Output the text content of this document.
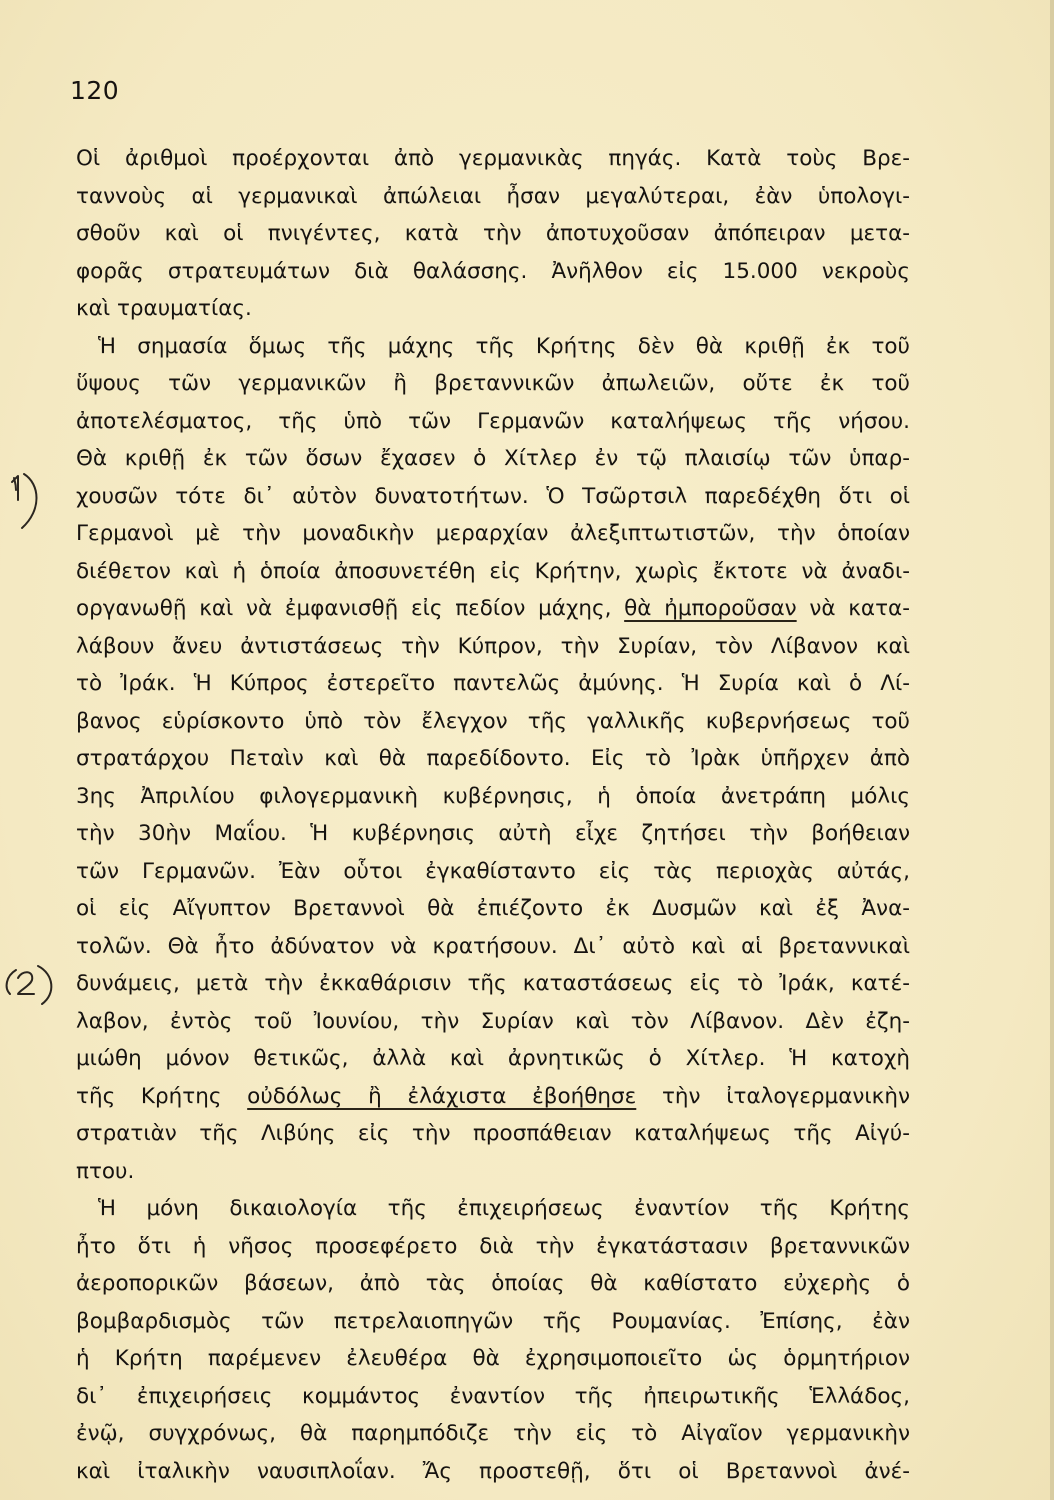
120
Οἱ ἀριθμοὶ προέρχονται ἀπὸ γερμανικὰς πηγάς. Κατὰ τοὺς Βρε-
τανvοὺς αἱ γερμανικαὶ ἀπώλειαι ἦσαν μεγαλύτεραι, ἐὰν ὑπολογι-
σθοῦν καὶ οἱ πνιγέντες, κατὰ τὴν ἀποτυχοῦσαν ἀπόπειραν μετα-
φορᾶς στρατευμάτων διὰ θαλάσσης. Ἀνῆλθον εἰς 15.000 νεκροὺς
καὶ τραυματίας.
Ἡ σημασία ὅμως τῆς μάχης τῆς Κρήτης δὲν θὰ κριθῇ ἐκ τοῦ
ὕψους τῶν γερμανικῶν ἢ βρεταννικῶν ἀπωλειῶν, οὔτε ἐκ τοῦ
ἀποτελέσματος, τῆς ὑπὸ τῶν Γερμανῶν καταλήψεως τῆς νήσου.
Θὰ κριθῇ ἐκ τῶν ὅσων ἔχασεν ὁ Χίτλερ ἐν τῷ πλαισίῳ τῶν ὑπαρ-
χουσῶν τότε δι᾽ αὐτὸν δυνατοτήτων. Ὁ Τσῶρτσιλ παρεδέχθη ὅτι οἱ
Γερμανοὶ μὲ τὴν μοναδικὴν μεραρχίαν ἀλεξιπτωτιστῶν, τὴν ὁποίαν
διέθετον καὶ ἡ ὁποία ἀποσυνετέθη εἰς Κρήτην, χωρὶς ἔκτοτε νὰ ἀναδι-
οργανωθῇ καὶ νὰ ἐμφανισθῇ εἰς πεδίον μάχης, θὰ ἠμποροῦσαν νὰ κατα-
λάβουν ἄνευ ἀντιστάσεως τὴν Κύπρον, τὴν Συρίαν, τὸν Λίβανον καὶ
τὸ Ἰράκ. Ἡ Κύπρος ἐστερεῖτο παντελῶς ἀμύνης. Ἡ Συρία καὶ ὁ Λί-
βανος εὑρίσκοντο ὑπὸ τὸν ἔλεγχον τῆς γαλλικῆς κυβερνήσεως τοῦ
στρατάρχου Πεταὶν καὶ θὰ παρεδίδοντο. Εἰς τὸ Ἰρὰκ ὑπῆρχεν ἀπὸ
3ης Ἀπριλίου φιλογερμανικὴ κυβέρνησις, ἡ ὁποία ἀνετράπη μόλις
τὴν 30ὴν Μαΐου. Ἡ κυβέρνησις αὐτὴ εἶχε ζητήσει τὴν βοήθειαν
τῶν Γερμανῶν. Ἐὰν οὗτοι ἐγκαθίσταντο εἰς τὰς περιοχὰς αὐτάς,
οἱ εἰς Αἴγυπτον Βρεταννοὶ θὰ ἐπιέζοντο ἐκ Δυσμῶν καὶ ἐξ Ἀνα-
τολῶν. Θὰ ἦτο ἀδύνατον νὰ κρατήσουν. Δι᾽ αὐτὸ καὶ αἱ βρεταννικαὶ
δυνάμεις, μετὰ τὴν ἐκκαθάρισιν τῆς καταστάσεως εἰς τὸ Ἰράκ, κατέ-
λαβον, ἐντὸς τοῦ Ἰουνίου, τὴν Συρίαν καὶ τὸν Λίβανον. Δὲν ἐζη-
μιώθη μόνον θετικῶς, ἀλλὰ καὶ ἀρνητικῶς ὁ Χίτλερ. Ἡ κατοχὴ
τῆς Κρήτης οὐδόλως ἢ ἐλάχιστα ἐβοήθησε τὴν ἰταλογερμανικὴν
στρατιὰν τῆς Λιβύης εἰς τὴν προσπάθειαν καταλήψεως τῆς Αἰγύ-
πτου.
Ἡ μόνη δικαιολογία τῆς ἐπιχειρήσεως ἐναντίον τῆς Κρήτης
ἦτο ὅτι ἡ νῆσος προσεφέρετο διὰ τὴν ἐγκατάστασιν βρεταννικῶν
ἀεροπορικῶν βάσεων, ἀπὸ τὰς ὁποίας θὰ καθίστατο εὐχερὴς ὁ
βομβαρδισμὸς τῶν πετρελαιοπηγῶν τῆς Ρουμανίας. Ἐπίσης, ἐὰν
ἡ Κρήτη παρέμενεν ἐλευθέρα θὰ ἐχρησιμοποιεῖτο ὡς ὁρμητήριον
δι᾽ ἐπιχειρήσεις κομμάντος ἐναντίον τῆς ἠπειρωτικῆς Ἑλλάδος,
ἐνῷ, συγχρόνως, θὰ παρημπόδιζε τὴν εἰς τὸ Αἰγαῖον γερμανικὴν
καὶ ἰταλικὴν ναυσιπλοΐαν. Ἄς προστεθῇ, ὅτι οἱ Βρεταννοὶ ἀνέ-
